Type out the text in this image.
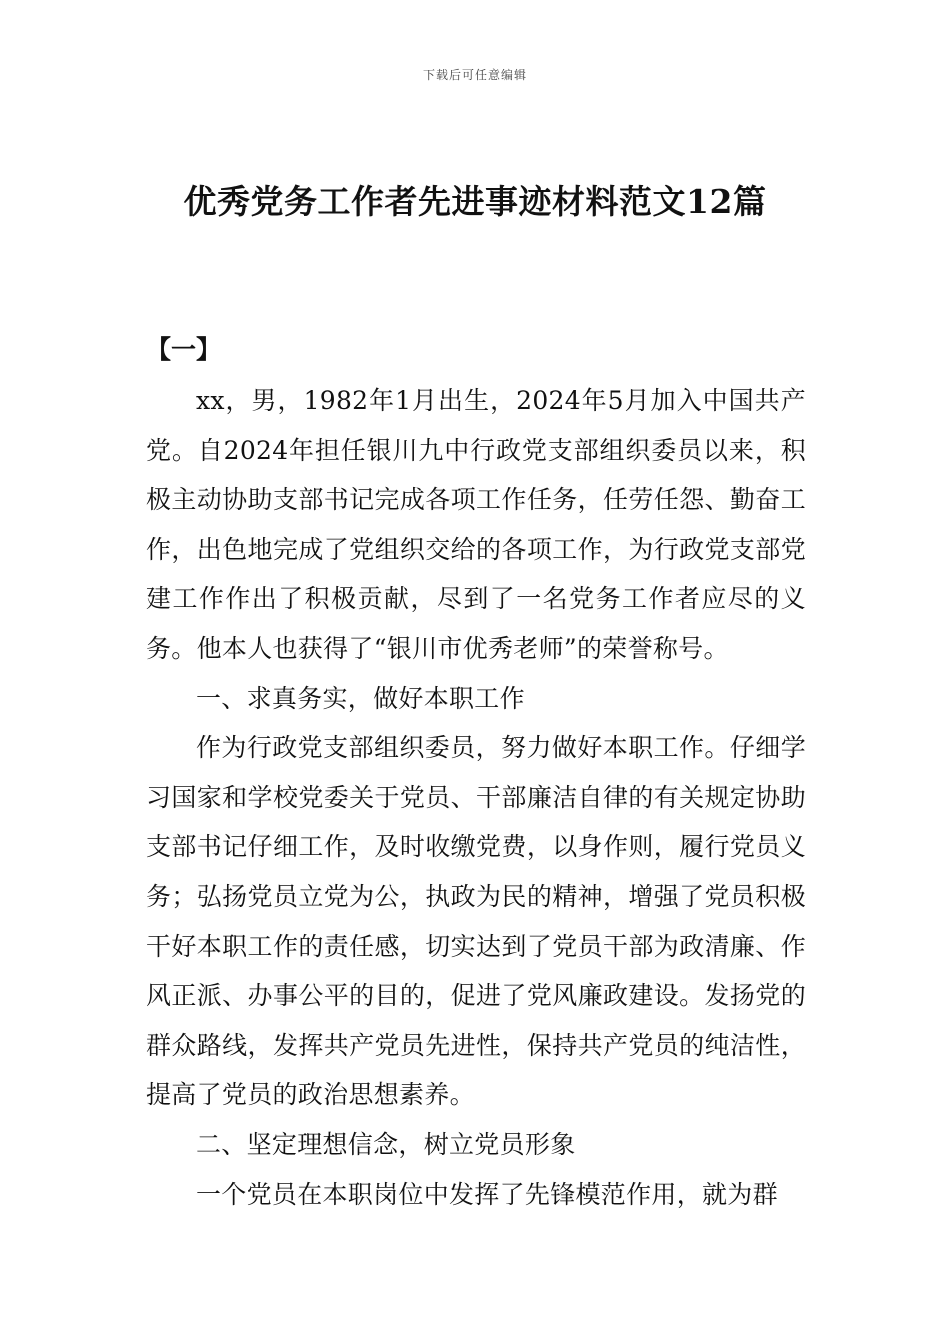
下载后可任意编辑
优秀党务工作者先进事迹材料范文12篇
【一】

xx，男，1982年1月出生，2024年5月加入中国共产党。自2024年担任银川九中行政党支部组织委员以来，积极主动协助支部书记完成各项工作任务，任劳任怨、勤奋工作，出色地完成了党组织交给的各项工作，为行政党支部党建工作作出了积极贡献，尽到了一名党务工作者应尽的义务。他本人也获得了“银川市优秀老师”的荣誉称号。

一、求真务实，做好本职工作

作为行政党支部组织委员，努力做好本职工作。仔细学习国家和学校党委关于党员、干部廉洁自律的有关规定协助支部书记仔细工作，及时收缴党费，以身作则，履行党员义务；弘扬党员立党为公，执政为民的精神，增强了党员积极干好本职工作的责任感，切实达到了党员干部为政清廉、作风正派、办事公平的目的，促进了党风廉政建设。发扬党的群众路线，发挥共产党员先进性，保持共产党员的纯洁性，提高了党员的政治思想素养。

二、坚定理想信念，树立党员形象

一个党员在本职岗位中发挥了先锋模范作用，就为群
